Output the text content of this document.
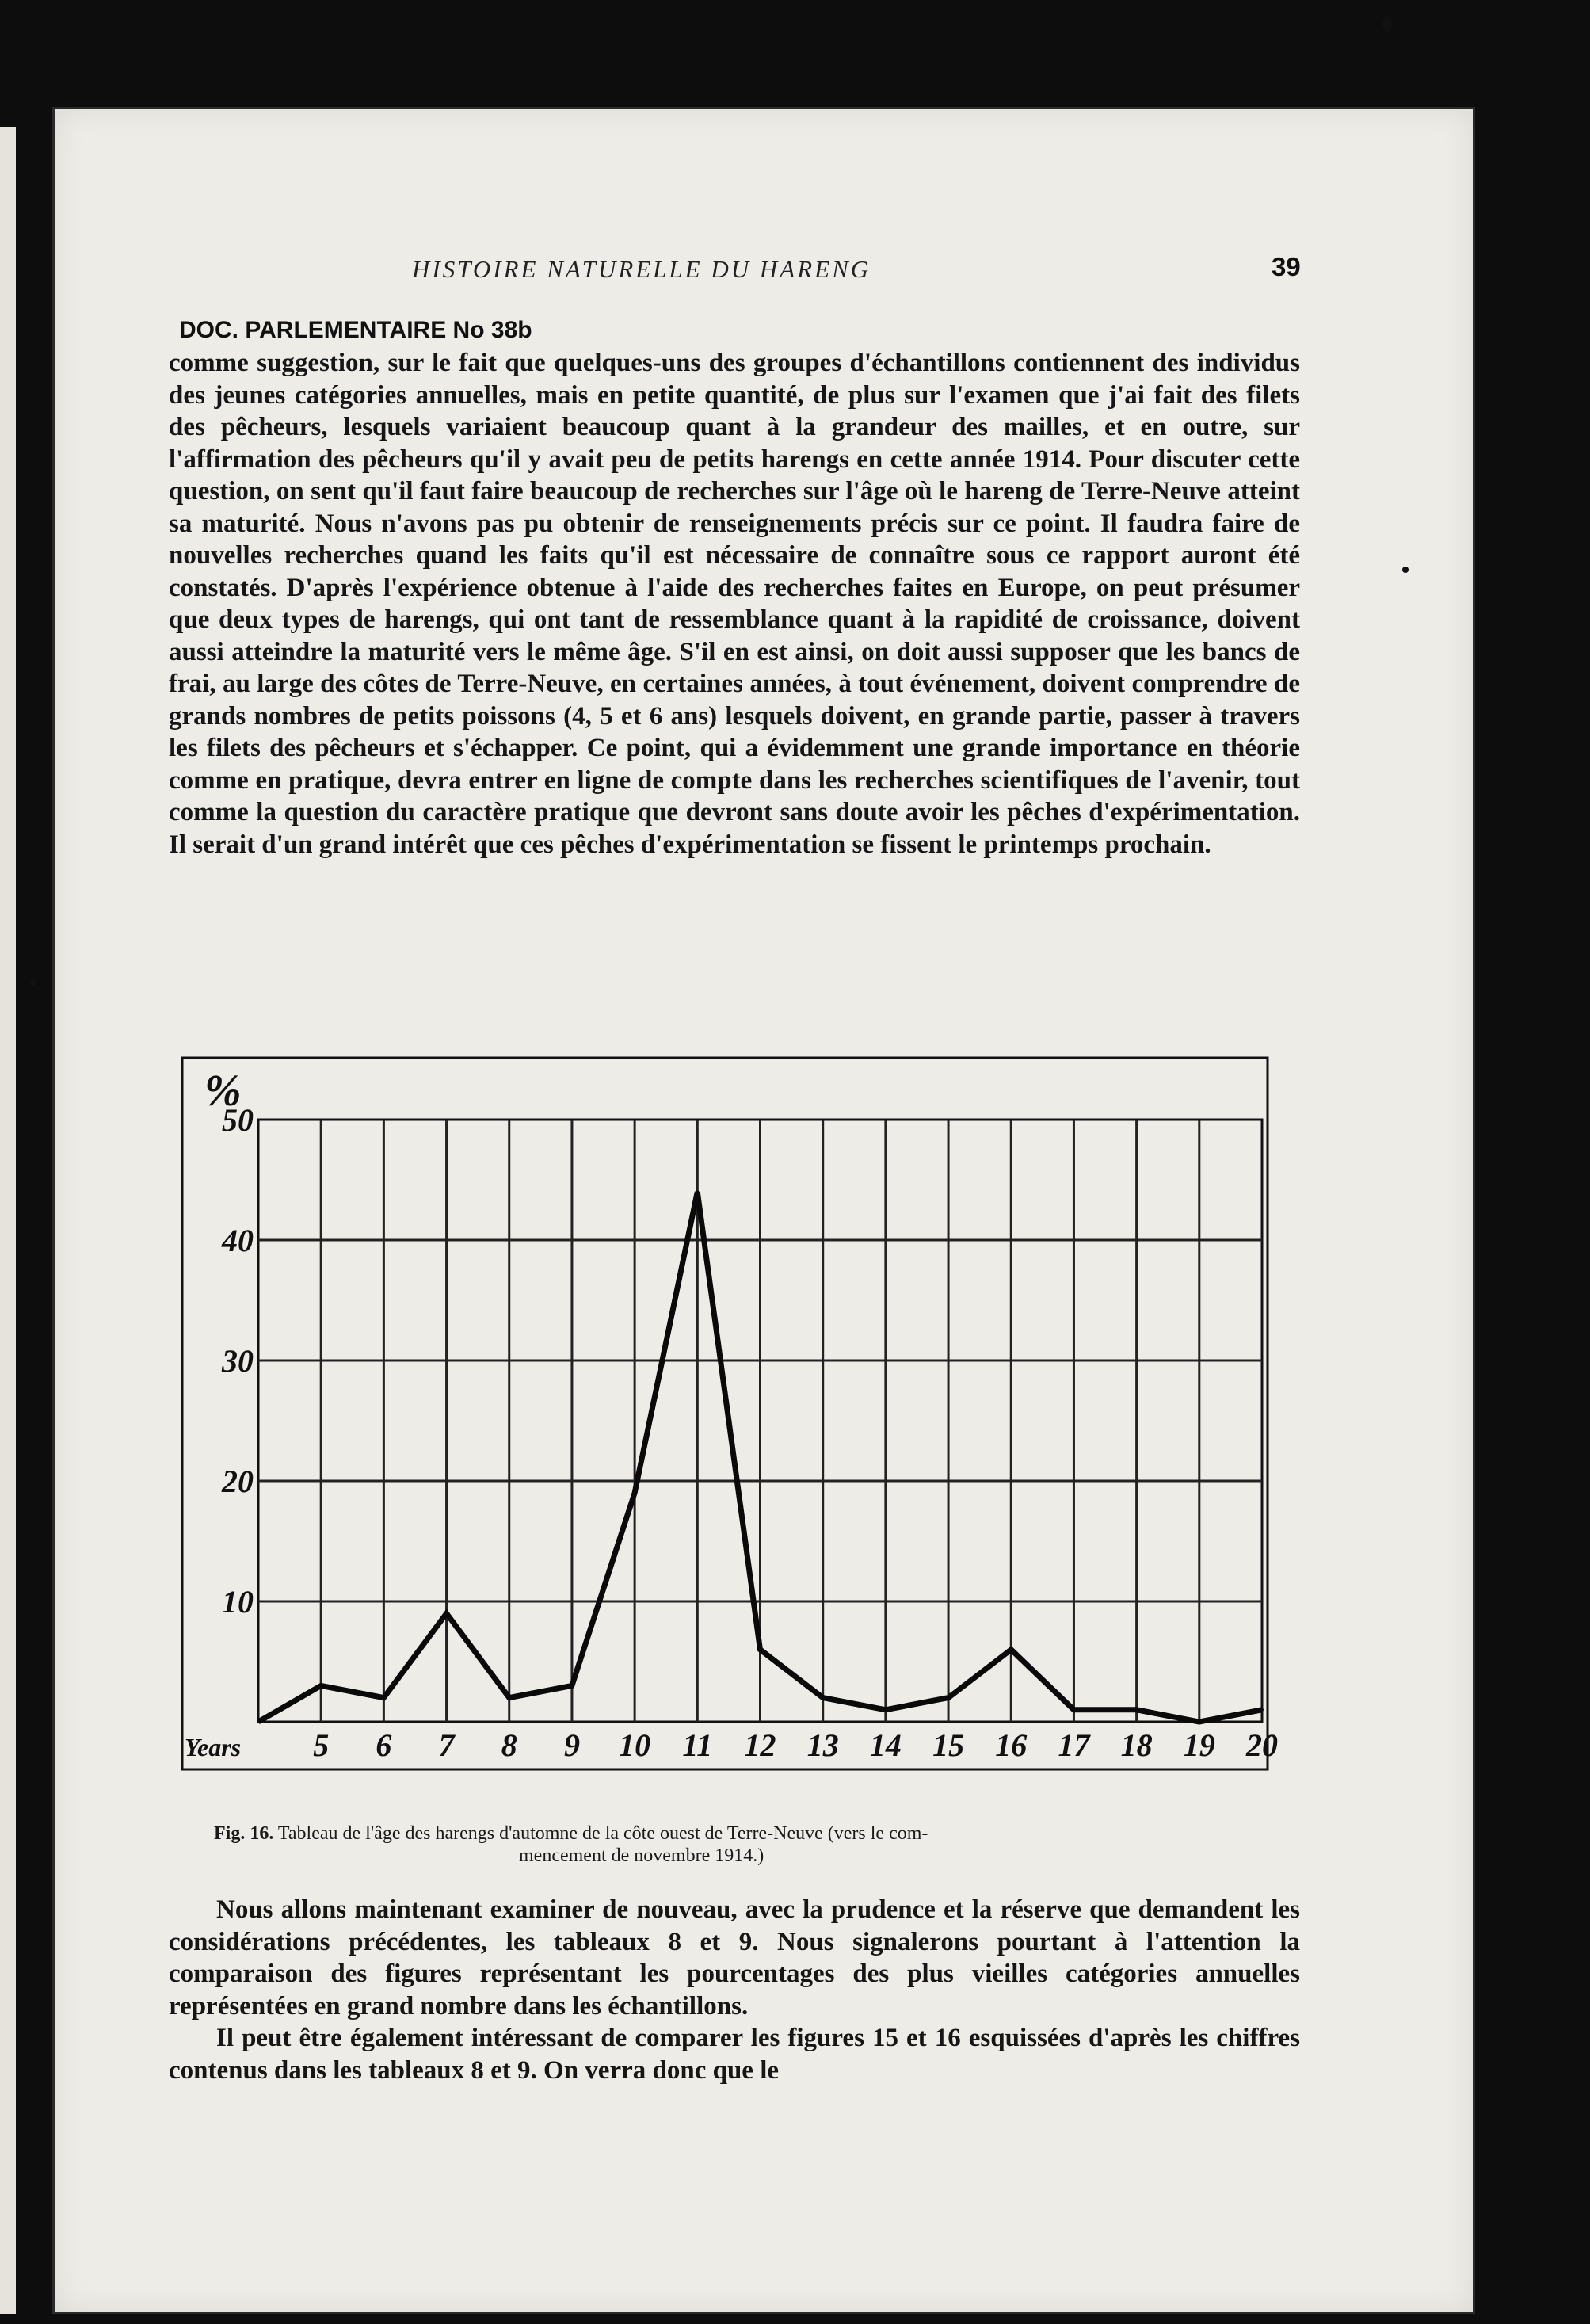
HISTOIRE NATURELLE DU HARENG	39
DOC. PARLEMENTAIRE No 38b

comme suggestion, sur le fait que quelques-uns des groupes d'échantillons contiennent des individus des jeunes catégories annuelles, mais en petite quantité, de plus sur l'examen que j'ai fait des filets des pêcheurs, lesquels variaient beaucoup quant à la grandeur des mailles, et en outre, sur l'affirmation des pêcheurs qu'il y avait peu de petits harengs en cette année 1914. Pour discuter cette question, on sent qu'il faut faire beaucoup de recherches sur l'âge où le hareng de Terre-Neuve atteint sa maturité. Nous n'avons pas pu obtenir de renseignements précis sur ce point. Il faudra faire de nouvelles recherches quand les faits qu'il est nécessaire de connaître sous ce rapport auront été constatés. D'après l'expérience obtenue à l'aide des recherches faites en Europe, on peut présumer que deux types de harengs, qui ont tant de ressemblance quant à la rapidité de croissance, doivent aussi atteindre la maturité vers le même âge. S'il en est ainsi, on doit aussi supposer que les bancs de frai, au large des côtes de Terre-Neuve, en certaines années, à tout événement, doivent comprendre de grands nombres de petits poissons (4, 5 et 6 ans) lesquels doivent, en grande partie, passer à travers les filets des pêcheurs et s'échapper. Ce point, qui a évidemment une grande importance en théorie comme en pratique, devra entrer en ligne de compte dans les recherches scientifiques de l'avenir, tout comme la question du caractère pratique que devront sans doute avoir les pêches d'expérimentation. Il serait d'un grand intérêt que ces pêches d'expérimentation se fissent le printemps prochain.

%
Years
50
40
30
20
10
5 6 7 8 9 10 11 12 13 14 15 16 17 18 19 20
Fig. 16. Tableau de l'âge des harengs d'automne de la côte ouest de Terre-Neuve (vers le com-
mencement de novembre 1914.)

Nous allons maintenant examiner de nouveau, avec la prudence et la réserve que demandent les considérations précédentes, les tableaux 8 et 9. Nous signalerons pourtant à l'attention la comparaison des figures représentant les pourcentages des plus vieilles catégories annuelles représentées en grand nombre dans les échantillons.

Il peut être également intéressant de comparer les figures 15 et 16 esquissées d'après les chiffres contenus dans les tableaux 8 et 9. On verra donc que le
